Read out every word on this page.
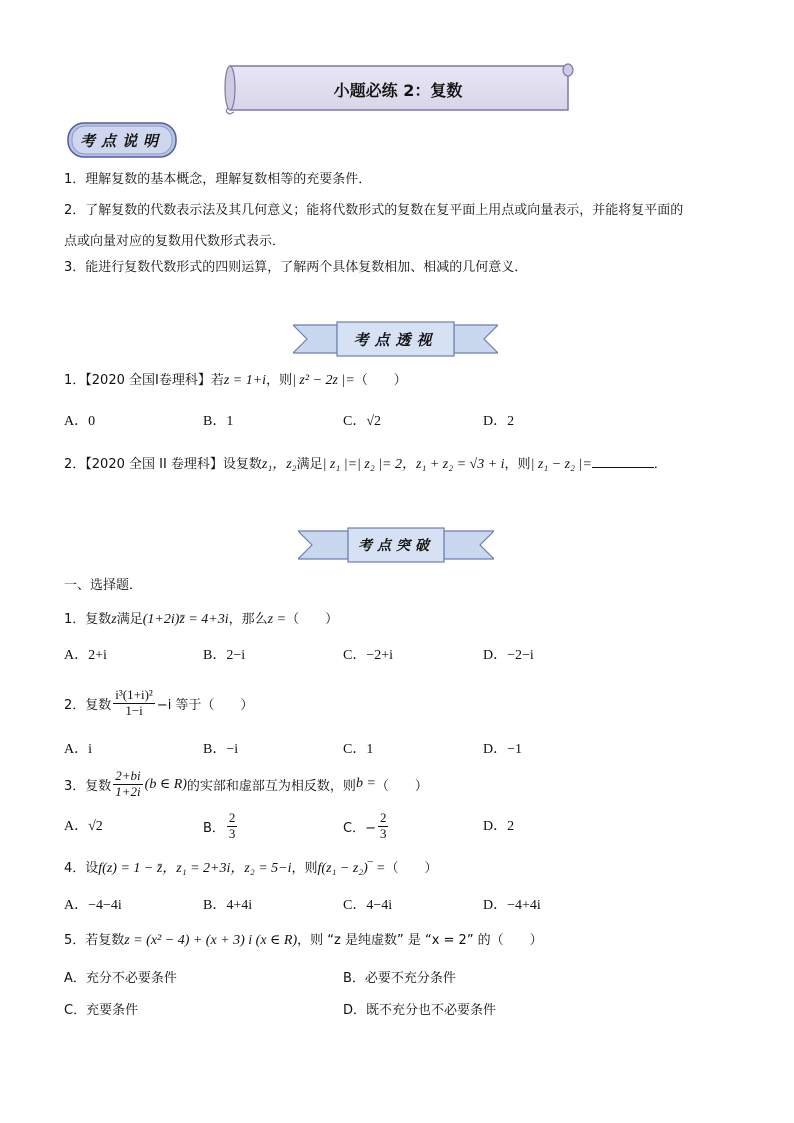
小题必练 2：复数
考点说明
1．理解复数的基本概念，理解复数相等的充要条件．
2．了解复数的代数表示法及其几何意义；能将代数形式的复数在复平面上用点或向量表示，并能将复平面的
点或向量对应的复数用代数形式表示．
3．能进行复数代数形式的四则运算，了解两个具体复数相加、相减的几何意义．
考点透视
1．【2020 全国Ⅰ卷理科】若z = 1+i，则| z² − 2z |=（　　）
A．0	B．1	C．√2	D．2
2．【2020 全国 II 卷理科】设复数z₁，z₂满足| z₁ |=| z₂ |= 2，z₁ + z₂ = √3 + i，则| z₁ − z₂ |=	．
考点突破
一、选择题．
1．复数z满足(1+2i)z̄ = 4+3i，那么z =（　　）
A．2+i	B．2−i	C．−2+i	D．−2−i
2．复数 $\frac{\text{i³(1+i)²}}{1-i} -i$ 等于（　　）
A．i	B．−i	C．1	D．−1
3．复数 $\frac{2+bi}{1+2i} (b$ ∈ R) 的实部和虚部互为相反数，则 b = （　　）
A．√2	B． $\frac{2}{3}$	C．− $\frac{2}{3}$	D．2
4．设f(z) = 1 − z̄，z₁ = 2+3i，z₂ = 5−i，则f(z₁ − z₂)‾ =（　　）
A．−4−4i	B．4+4i	C．4−4i	D．−4+4i
5．若复数z = (x² − 4) + (x + 3) i (x ∈ R)，则 “z 是纯虚数” 是 “x = 2” 的（　　）
A．充分不必要条件	B．必要不充分条件
C．充要条件	D．既不充分也不必要条件
